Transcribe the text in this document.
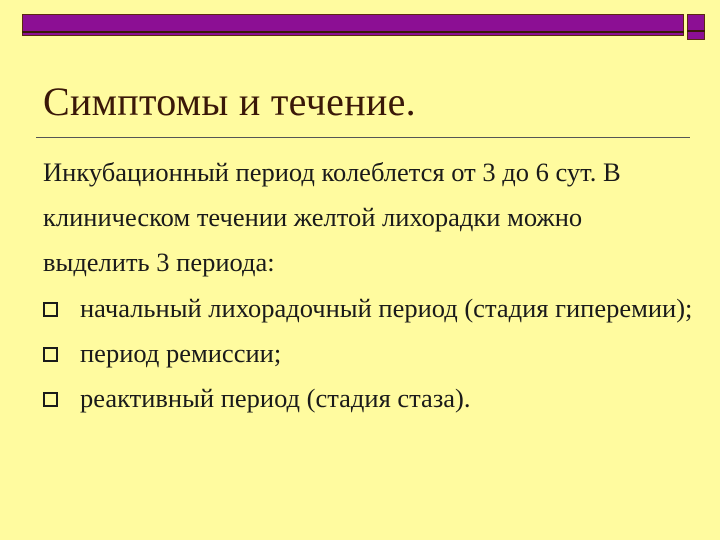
Симптомы и течение.

Инкубационный период колеблется от 3 до 6 сут. В клиническом течении желтой лихорадки можно выделить 3 периода:

начальный лихорадочный период (стадия гиперемии);
период ремиссии;
реактивный период (стадия стаза).
